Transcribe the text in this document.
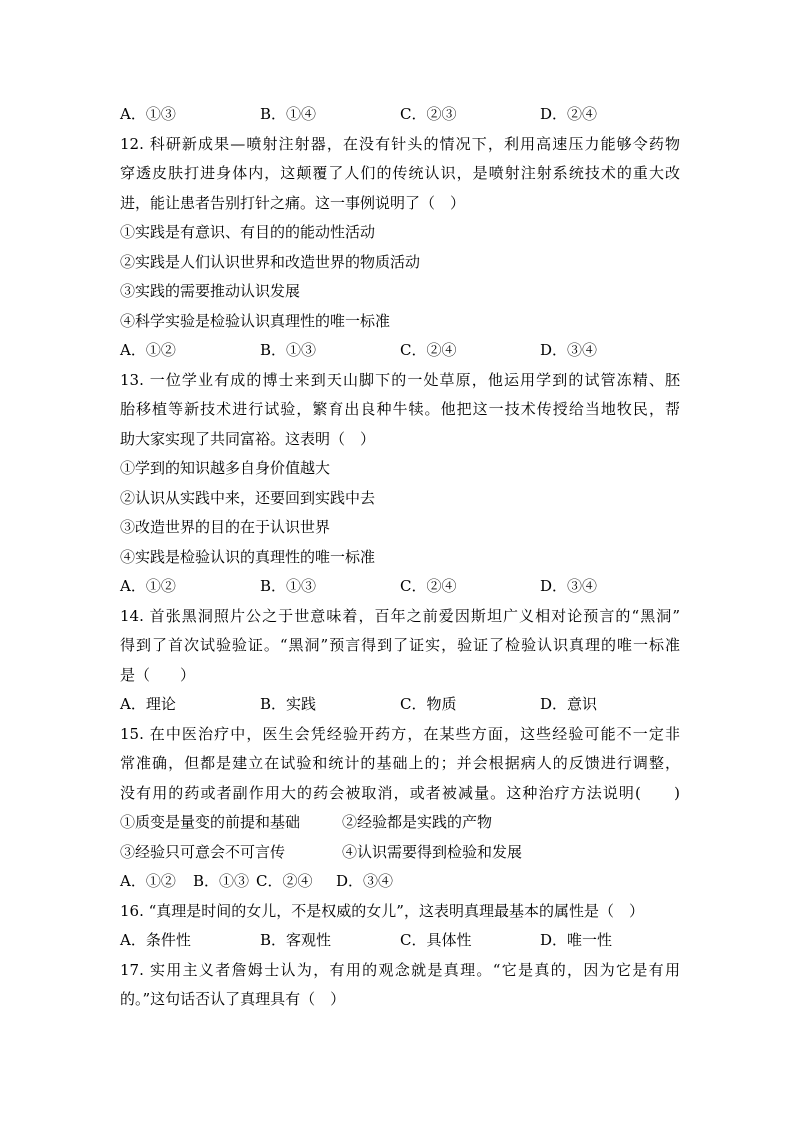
A．①③	B．①④	C．②③	D．②④
12. 科研新成果—喷射注射器，在没有针头的情况下，利用高速压力能够令药物
穿透皮肤打进身体内，这颠覆了人们的传统认识，是喷射注射系统技术的重大改
进，能让患者告别打针之痛。这一事例说明了（　）
①实践是有意识、有目的的能动性活动
②实践是人们认识世界和改造世界的物质活动
③实践的需要推动认识发展
④科学实验是检验认识真理性的唯一标准
A．①②	B．①③	C．②④	D．③④
13. 一位学业有成的博士来到天山脚下的一处草原，他运用学到的试管冻精、胚
胎移植等新技术进行试验，繁育出良种牛犊。他把这一技术传授给当地牧民，帮
助大家实现了共同富裕。这表明（　）
①学到的知识越多自身价值越大
②认识从实践中来，还要回到实践中去
③改造世界的目的在于认识世界
④实践是检验认识的真理性的唯一标准
A．①②	B．①③	C．②④	D．③④
14. 首张黑洞照片公之于世意味着，百年之前爱因斯坦广义相对论预言的“黑洞”
得到了首次试验验证。“黑洞”预言得到了证实，验证了检验认识真理的唯一标准
是（　　）
A．理论	B．实践	C．物质	D．意识
15. 在中医治疗中，医生会凭经验开药方，在某些方面，这些经验可能不一定非
常准确，但都是建立在试验和统计的基础上的；并会根据病人的反馈进行调整，
没有用的药或者副作用大的药会被取消，或者被减量。这种治疗方法说明(　　)
①质变是量变的前提和基础	②经验都是实践的产物
③经验只可意会不可言传	④认识需要得到检验和发展
A．①②	B．①③ C．②④	D．③④
16. “真理是时间的女儿，不是权威的女儿”，这表明真理最基本的属性是（　）
A．条件性	B．客观性	C．具体性	D．唯一性
17. 实用主义者詹姆士认为，有用的观念就是真理。“它是真的，因为它是有用
的。”这句话否认了真理具有（　）
